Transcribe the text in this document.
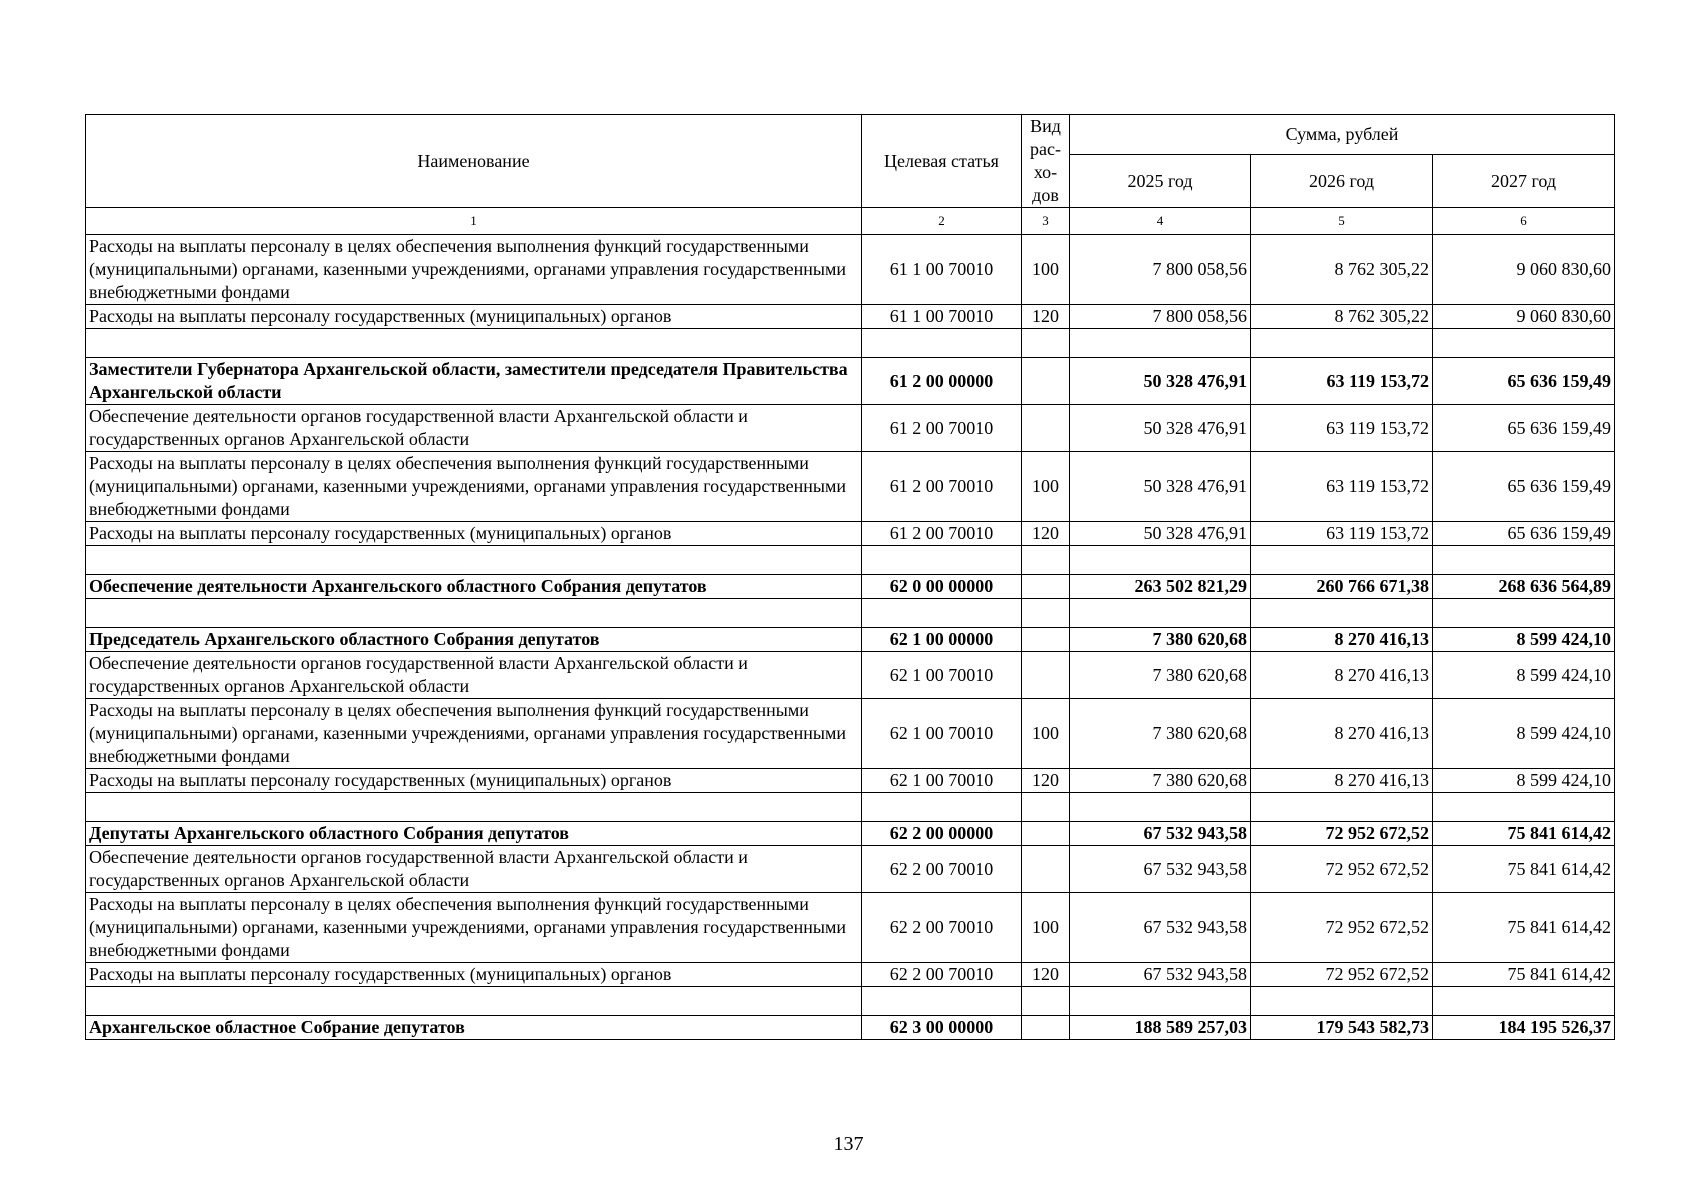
Наименование	Целевая статья	Вид
рас-
хо-
дов	Сумма, рублей		
			2025 год	2026 год	2027 год
1	2	3	4	5	6
Расходы на выплаты персоналу в целях обеспечения выполнения функций государственными (муниципальными) органами, казенными учреждениями, органами управления государственными внебюджетными фондами	61 1 00 70010	100	7 800 058,56	8 762 305,22	9 060 830,60
Расходы на выплаты персоналу государственных (муниципальных) органов	61 1 00 70010	120	7 800 058,56	8 762 305,22	9 060 830,60

Заместители Губернатора Архангельской области, заместители председателя Правительства Архангельской области	61 2 00 00000		50 328 476,91	63 119 153,72	65 636 159,49
Обеспечение деятельности органов государственной власти Архангельской области и государственных органов Архангельской области	61 2 00 70010		50 328 476,91	63 119 153,72	65 636 159,49
Расходы на выплаты персоналу в целях обеспечения выполнения функций государственными (муниципальными) органами, казенными учреждениями, органами управления государственными внебюджетными фондами	61 2 00 70010	100	50 328 476,91	63 119 153,72	65 636 159,49
Расходы на выплаты персоналу государственных (муниципальных) органов	61 2 00 70010	120	50 328 476,91	63 119 153,72	65 636 159,49

Обеспечение деятельности Архангельского областного Собрания депутатов	62 0 00 00000		263 502 821,29	260 766 671,38	268 636 564,89

Председатель Архангельского областного Собрания депутатов	62 1 00 00000		7 380 620,68	8 270 416,13	8 599 424,10
Обеспечение деятельности органов государственной власти Архангельской области и государственных органов Архангельской области	62 1 00 70010		7 380 620,68	8 270 416,13	8 599 424,10
Расходы на выплаты персоналу в целях обеспечения выполнения функций государственными (муниципальными) органами, казенными учреждениями, органами управления государственными внебюджетными фондами	62 1 00 70010	100	7 380 620,68	8 270 416,13	8 599 424,10
Расходы на выплаты персоналу государственных (муниципальных) органов	62 1 00 70010	120	7 380 620,68	8 270 416,13	8 599 424,10

Депутаты Архангельского областного Собрания депутатов	62 2 00 00000		67 532 943,58	72 952 672,52	75 841 614,42
Обеспечение деятельности органов государственной власти Архангельской области и государственных органов Архангельской области	62 2 00 70010		67 532 943,58	72 952 672,52	75 841 614,42
Расходы на выплаты персоналу в целях обеспечения выполнения функций государственными (муниципальными) органами, казенными учреждениями, органами управления государственными внебюджетными фондами	62 2 00 70010	100	67 532 943,58	72 952 672,52	75 841 614,42
Расходы на выплаты персоналу государственных (муниципальных) органов	62 2 00 70010	120	67 532 943,58	72 952 672,52	75 841 614,42

Архангельское областное Собрание депутатов	62 3 00 00000		188 589 257,03	179 543 582,73	184 195 526,37
137
